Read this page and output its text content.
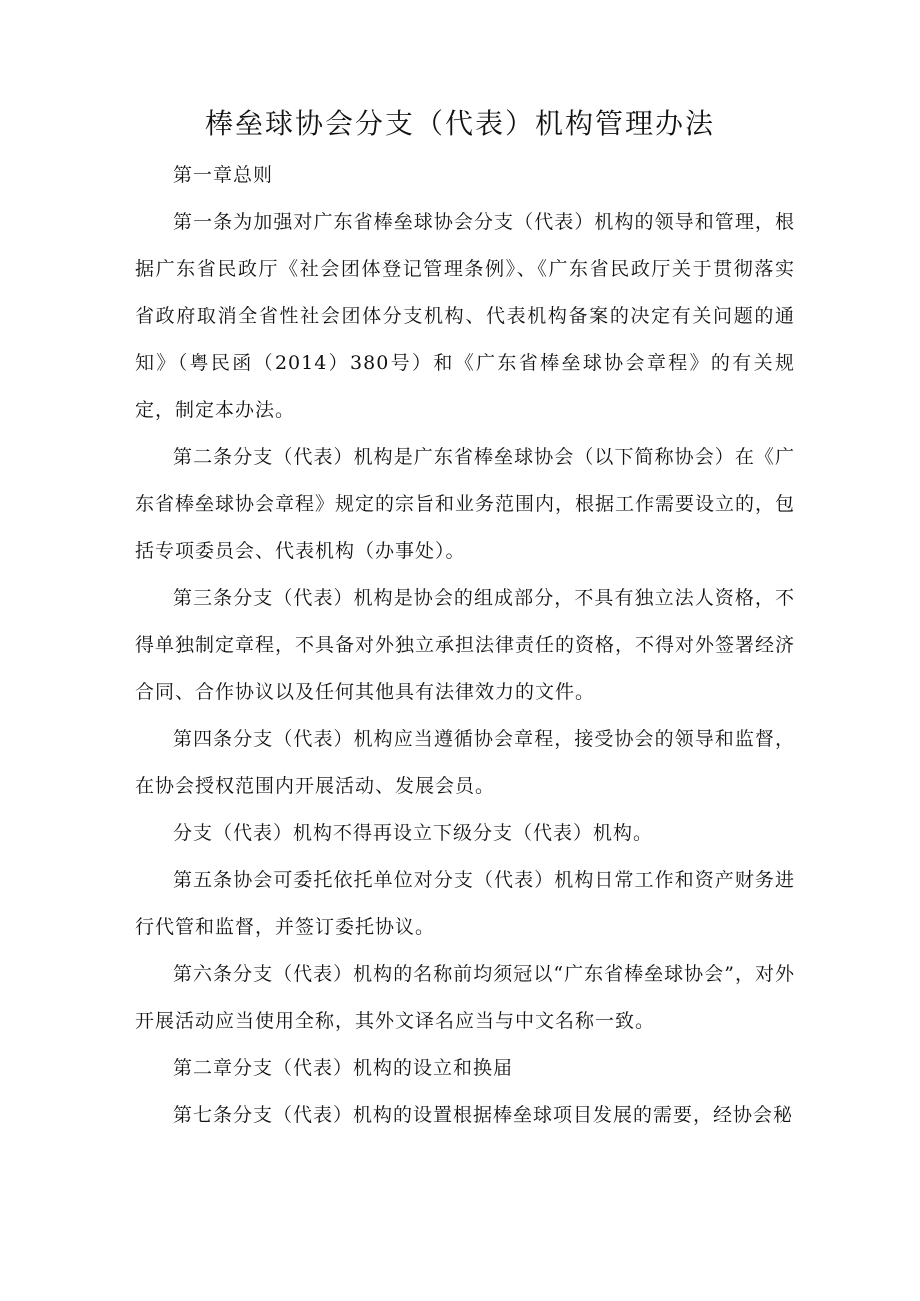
棒垒球协会分支（代表）机构管理办法

第一章总则

第一条为加强对广东省棒垒球协会分支（代表）机构的领导和管理，根据广东省民政厅《社会团体登记管理条例》、《广东省民政厅关于贯彻落实省政府取消全省性社会团体分支机构、代表机构备案的决定有关问题的通知》（粤民函（2014）380号）和《广东省棒垒球协会章程》的有关规定，制定本办法。

第二条分支（代表）机构是广东省棒垒球协会（以下简称协会）在《广东省棒垒球协会章程》规定的宗旨和业务范围内，根据工作需要设立的，包括专项委员会、代表机构（办事处）。

第三条分支（代表）机构是协会的组成部分，不具有独立法人资格，不得单独制定章程，不具备对外独立承担法律责任的资格，不得对外签署经济合同、合作协议以及任何其他具有法律效力的文件。

第四条分支（代表）机构应当遵循协会章程，接受协会的领导和监督，在协会授权范围内开展活动、发展会员。

分支（代表）机构不得再设立下级分支（代表）机构。

第五条协会可委托依托单位对分支（代表）机构日常工作和资产财务进行代管和监督，并签订委托协议。

第六条分支（代表）机构的名称前均须冠以“广东省棒垒球协会”，对外开展活动应当使用全称，其外文译名应当与中文名称一致。

第二章分支（代表）机构的设立和换届

第七条分支（代表）机构的设置根据棒垒球项目发展的需要，经协会秘
